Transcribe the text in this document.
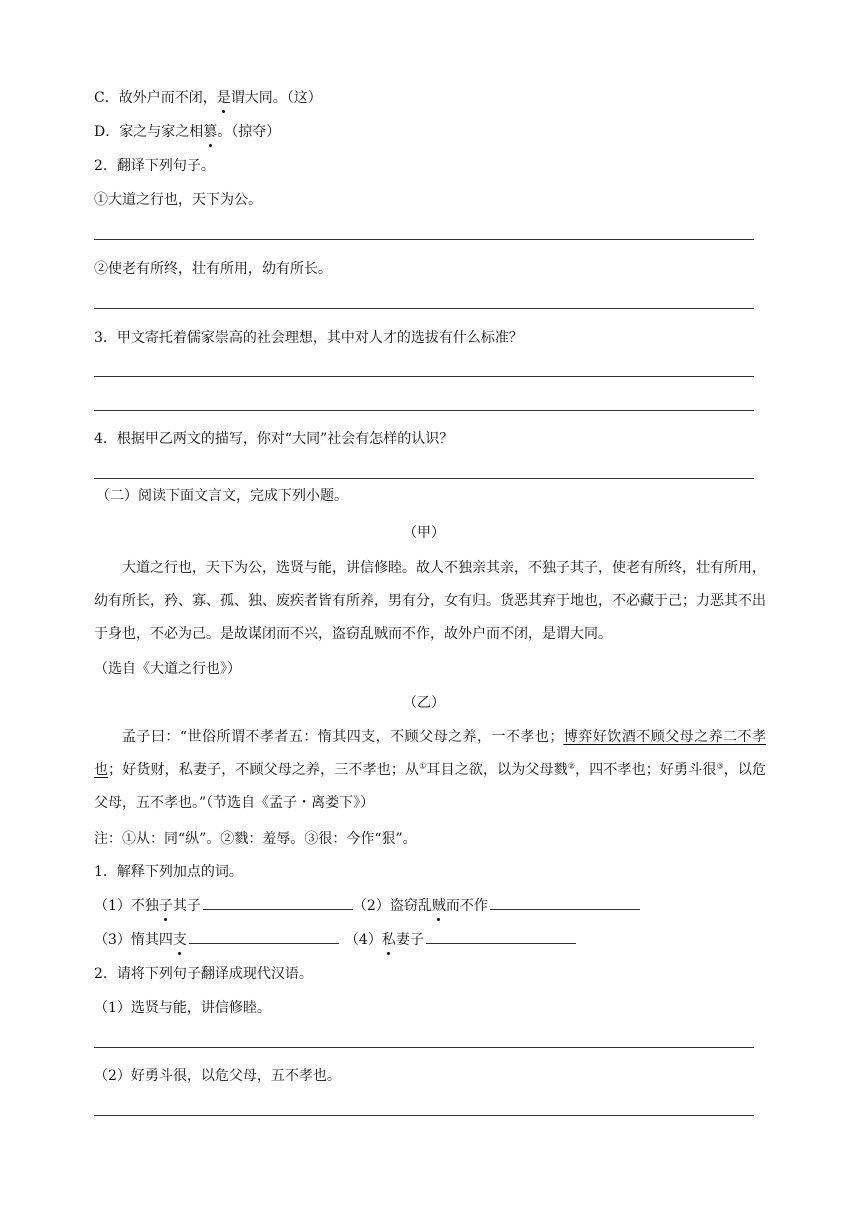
C．故外户而不闭，是谓大同。（这）
D．家之与家之相篡。（掠夺）
2．翻译下列句子。
①大道之行也，天下为公。
②使老有所终，壮有所用，幼有所长。
3．甲文寄托着儒家崇高的社会理想，其中对人才的选拔有什么标准？
4．根据甲乙两文的描写，你对“大同”社会有怎样的认识？
（二）阅读下面文言文，完成下列小题。
（甲）
大道之行也，天下为公，选贤与能，讲信修睦。故人不独亲其亲，不独子其子，使老有所终，壮有所用，幼有所长，矜、寡、孤、独、废疾者皆有所养，男有分，女有归。货恶其弃于地也，不必藏于己；力恶其不出于身也，不必为己。是故谋闭而不兴，盗窃乱贼而不作，故外户而不闭，是谓大同。
（选自《大道之行也》）
（乙）
孟子曰：“世俗所谓不孝者五：惰其四支，不顾父母之养，一不孝也；博弈好饮酒不顾父母之养二不孝也；好货财，私妻子，不顾父母之养，三不孝也；从①耳目之欲，以为父母戮②，四不孝也；好勇斗很③，以危父母，五不孝也。”（节选自《孟子・离娄下》）
注：①从：同“纵”。②戮：羞辱。③很：今作“狠”。
1．解释下列加点的词。
（1）不独子其子	（2）盗窃乱贼而不作
（3）惰其四支	（4）私妻子
2．请将下列句子翻译成现代汉语。
（1）选贤与能，讲信修睦。
（2）好勇斗很，以危父母，五不孝也。
